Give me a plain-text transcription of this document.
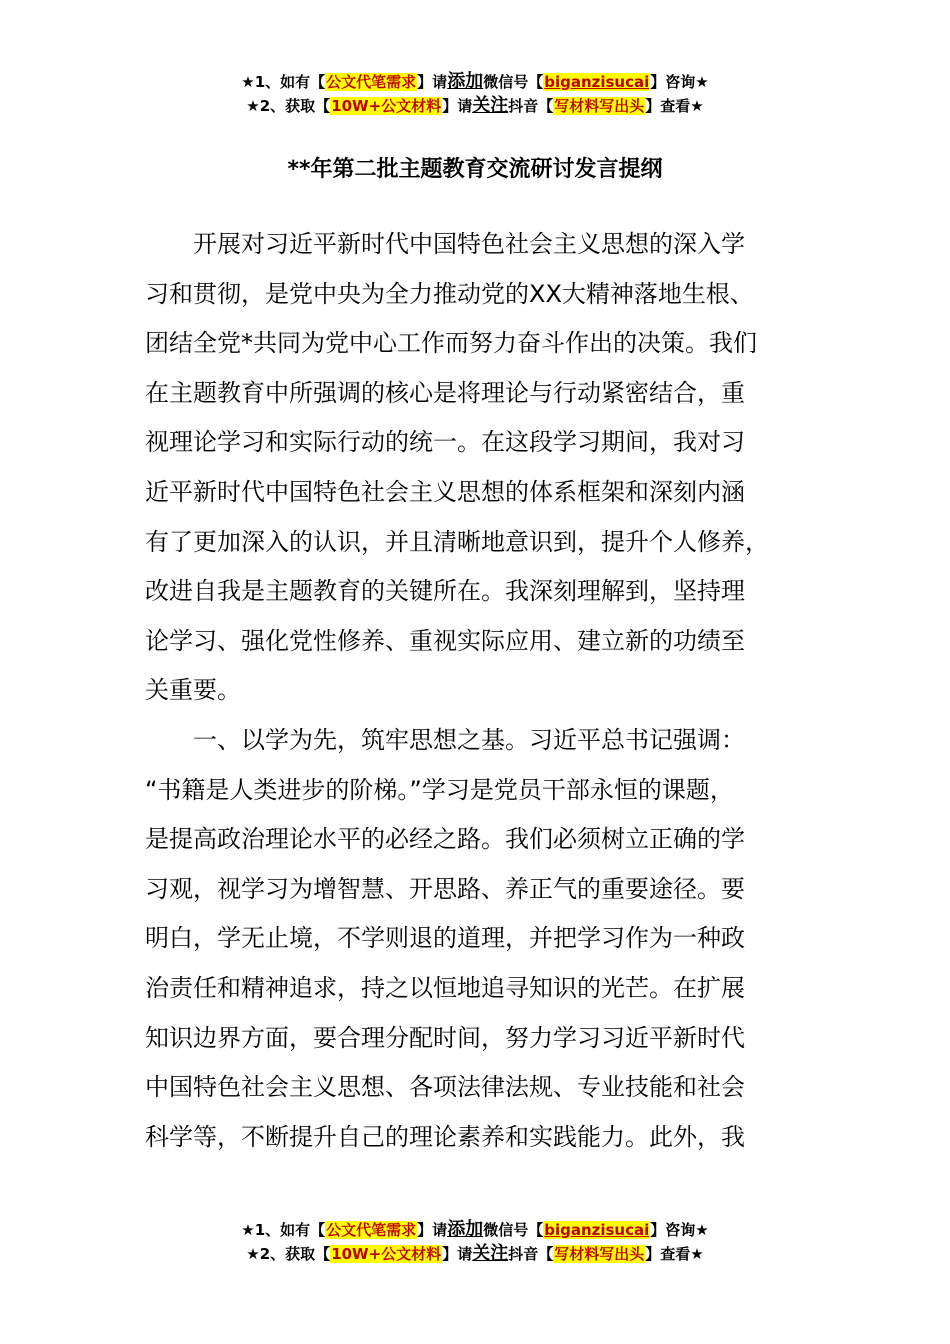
★1、如有【公文代笔需求】请添加微信号【biganzisucai】咨询★
★2、获取【10W+公文材料】请关注抖音【写材料写出头】查看★
**年第二批主题教育交流研讨发言提纲
开展对习近平新时代中国特色社会主义思想的深入学
习和贯彻，是党中央为全力推动党的XX大精神落地生根、
团结全党*共同为党中心工作而努力奋斗作出的决策。我们
在主题教育中所强调的核心是将理论与行动紧密结合，重
视理论学习和实际行动的统一。在这段学习期间，我对习
近平新时代中国特色社会主义思想的体系框架和深刻内涵
有了更加深入的认识，并且清晰地意识到，提升个人修养，
改进自我是主题教育的关键所在。我深刻理解到，坚持理
论学习、强化党性修养、重视实际应用、建立新的功绩至
关重要。
一、以学为先，筑牢思想之基。习近平总书记强调：
“书籍是人类进步的阶梯。”学习是党员干部永恒的课题，
是提高政治理论水平的必经之路。我们必须树立正确的学
习观，视学习为增智慧、开思路、养正气的重要途径。要
明白，学无止境，不学则退的道理，并把学习作为一种政
治责任和精神追求，持之以恒地追寻知识的光芒。在扩展
知识边界方面，要合理分配时间，努力学习习近平新时代
中国特色社会主义思想、各项法律法规、专业技能和社会
科学等，不断提升自己的理论素养和实践能力。此外，我
★1、如有【公文代笔需求】请添加微信号【biganzisucai】咨询★
★2、获取【10W+公文材料】请关注抖音【写材料写出头】查看★
